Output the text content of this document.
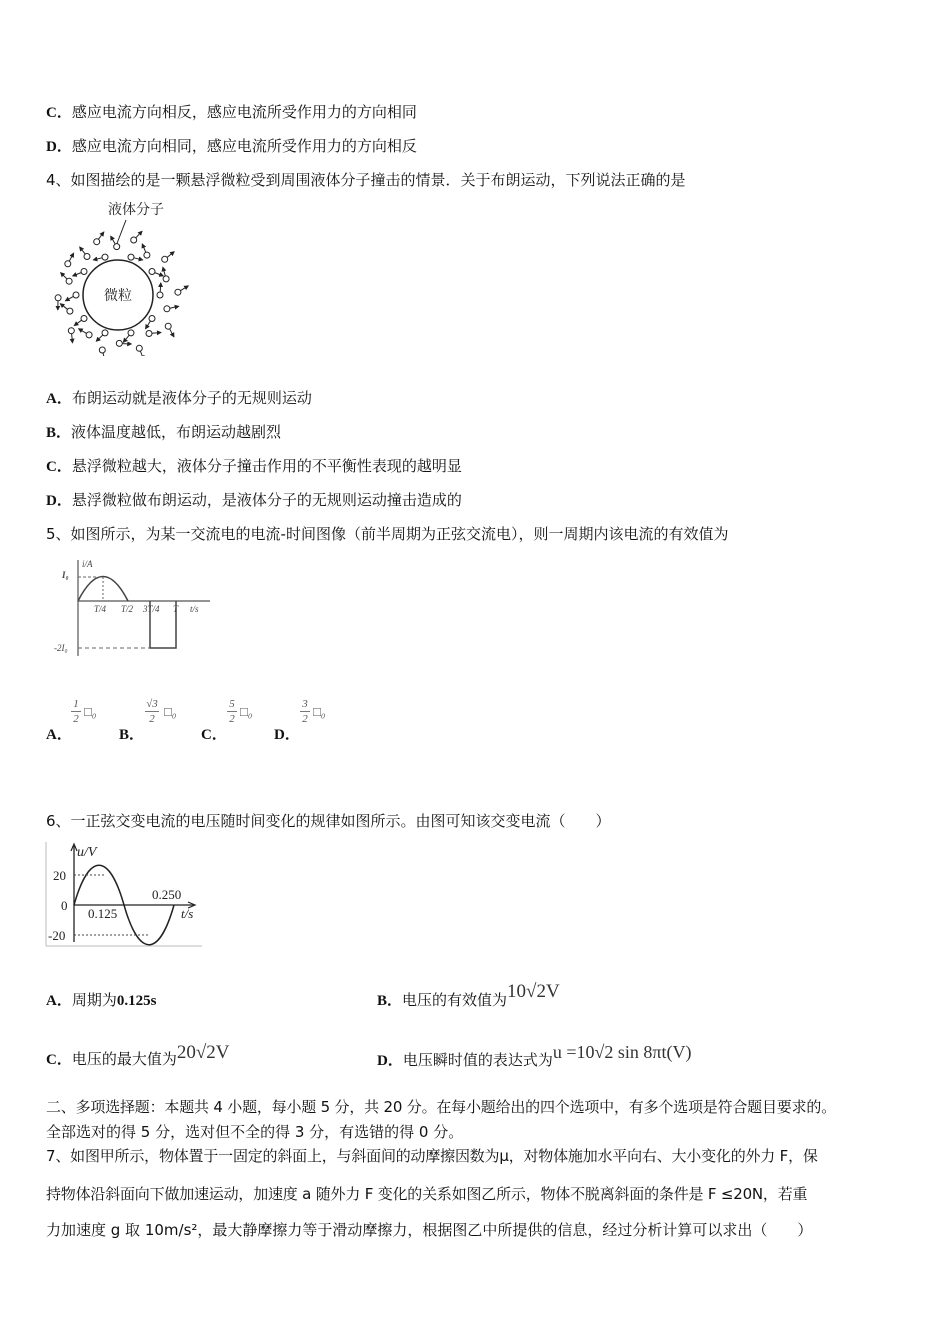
C．感应电流方向相反，感应电流所受作用力的方向相同
D．感应电流方向相同，感应电流所受作用力的方向相反
4、如图描绘的是一颗悬浮微粒受到周围液体分子撞击的情景．关于布朗运动，下列说法正确的是
液体分子
微粒
A．布朗运动就是液体分子的无规则运动
B．液体温度越低，布朗运动越剧烈
C．悬浮微粒越大，液体分子撞击作用的不平衡性表现的越明显
D．悬浮微粒做布朗运动，是液体分子的无规则运动撞击造成的
5、如图所示，为某一交流电的电流-时间图像（前半周期为正弦交流电），则一周期内该电流的有效值为
i/A
I₀
-2I₀
T/4 T/2 3T/4 T t/s
A．
1
2 □₀
B．
√3
2 □₀
C．
5
2 □₀
D．
3
2 □₀
6、一正弦交变电流的电压随时间变化的规律如图所示。由图可知该交变电流（　　）
u/V
20
0
-20
0.125
0.250
t/s
A．周期为0.125s	B．电压的有效值为10√2V
C．电压的最大值为20√2V	D．电压瞬时值的表达式为u =10√2 sin 8πt(V)
二、多项选择题：本题共 4 小题，每小题 5 分，共 20 分。在每小题给出的四个选项中，有多个选项是符合题目要求的。
全部选对的得 5 分，选对但不全的得 3 分，有选错的得 0 分。
7、如图甲所示，物体置于一固定的斜面上，与斜面间的动摩擦因数为μ，对物体施加水平向右、大小变化的外力 F，保
持物体沿斜面向下做加速运动，加速度 a 随外力 F 变化的关系如图乙所示，物体不脱离斜面的条件是 F ≤20N，若重
力加速度 g 取 10m/s²，最大静摩擦力等于滑动摩擦力，根据图乙中所提供的信息，经过分析计算可以求出（　　）
